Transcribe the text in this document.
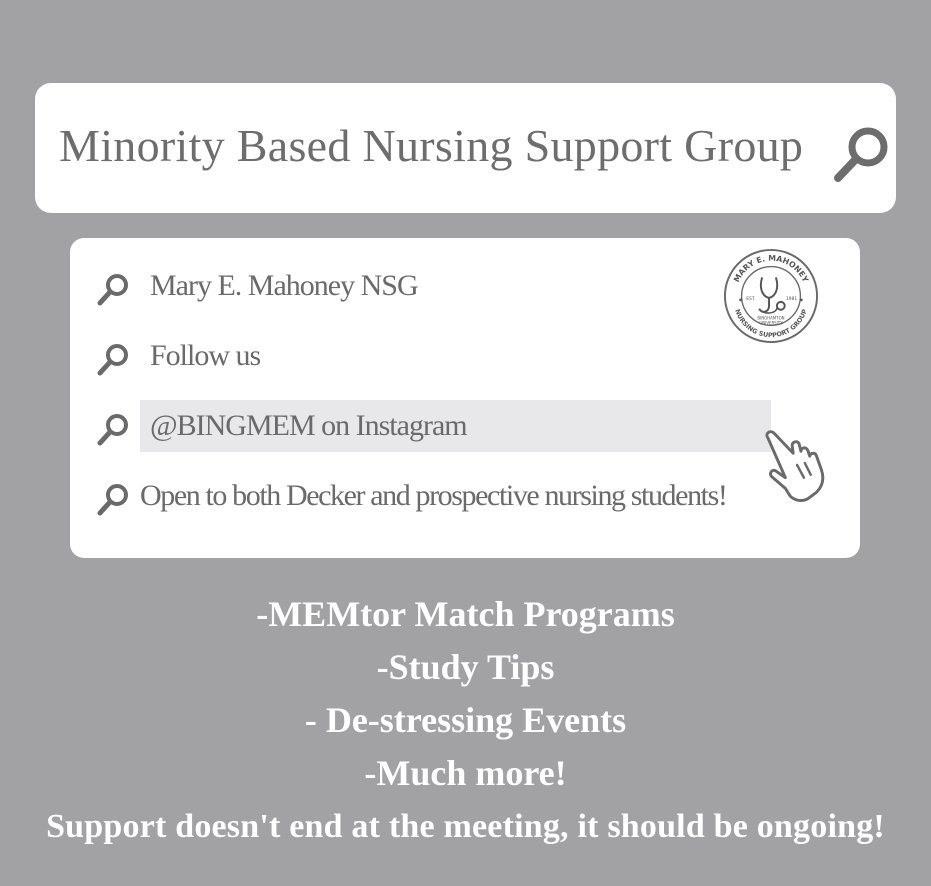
Minority Based Nursing Support Group
Mary E. Mahoney NSG
Follow us
@BINGMEM on Instagram
Open to both Decker and prospective nursing students!
MARY E. MAHONEY
NURSING SUPPORT GROUP
EST	1981
BINGHAMTON
UNIVERSITY
-MEMtor Match Programs
-Study Tips
- De-stressing Events
-Much more!
Support doesn't end at the meeting, it should be ongoing!
